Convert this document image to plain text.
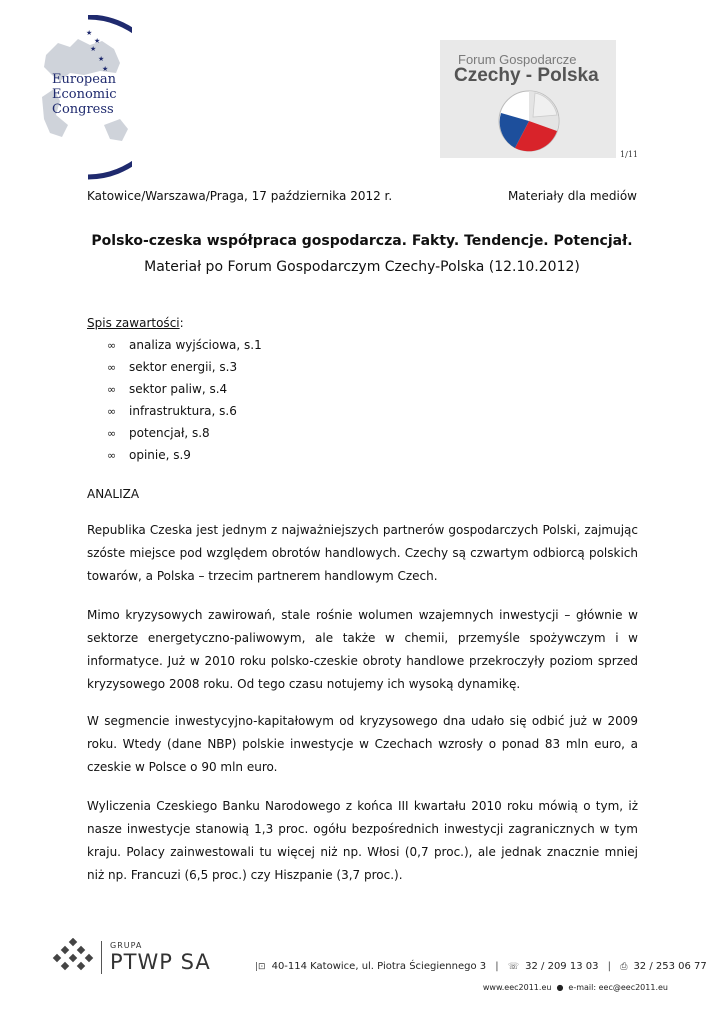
★
★
★
★
★
European
Economic
Congress
Forum Gospodarcze
Czechy - Polska
1/11
Katowice/Warszawa/Praga, 17 października 2012 r.	Materiały dla mediów
Polsko-czeska współpraca gospodarcza. Fakty. Tendencje. Potencjał.
Materiał po Forum Gospodarczym Czechy-Polska (12.10.2012)
Spis zawartości:
∞ analiza wyjściowa, s.1
∞ sektor energii, s.3
∞ sektor paliw, s.4
∞ infrastruktura, s.6
∞ potencjał, s.8
∞ opinie, s.9
ANALIZA

Republika Czeska jest jednym z najważniejszych partnerów gospodarczych Polski, zajmując szóste miejsce pod względem obrotów handlowych. Czechy są czwartym odbiorcą polskich towarów, a Polska – trzecim partnerem handlowym Czech.

Mimo kryzysowych zawirowań, stale rośnie wolumen wzajemnych inwestycji – głównie w sektorze energetyczno-paliwowym, ale także w chemii, przemyśle spożywczym i w informatyce. Już w 2010 roku polsko-czeskie obroty handlowe przekroczyły poziom sprzed kryzysowego 2008 roku. Od tego czasu notujemy ich wysoką dynamikę.

W segmencie inwestycyjno-kapitałowym od kryzysowego dna udało się odbić już w 2009 roku. Wtedy (dane NBP) polskie inwestycje w Czechach wzrosły o ponad 83 mln euro, a czeskie w Polsce o 90 mln euro.

Wyliczenia Czeskiego Banku Narodowego z końca III kwartału 2010 roku mówią o tym, iż nasze inwestycje stanowią 1,3 proc. ogółu bezpośrednich inwestycji zagranicznych w tym kraju. Polacy zainwestowali tu więcej niż np. Włosi (0,7 proc.), ale jednak znacznie mniej niż np. Francuzi (6,5 proc.) czy Hiszpanie (3,7 proc.).

GRUPA
PTWP SA	|⊡ 40-114 Katowice, ul. Piotra Ściegiennego 3 | ☏ 32 / 209 13 03 | ⎙ 32 / 253 06 77
www.eec2011.eu ● e-mail: eec@eec2011.eu
